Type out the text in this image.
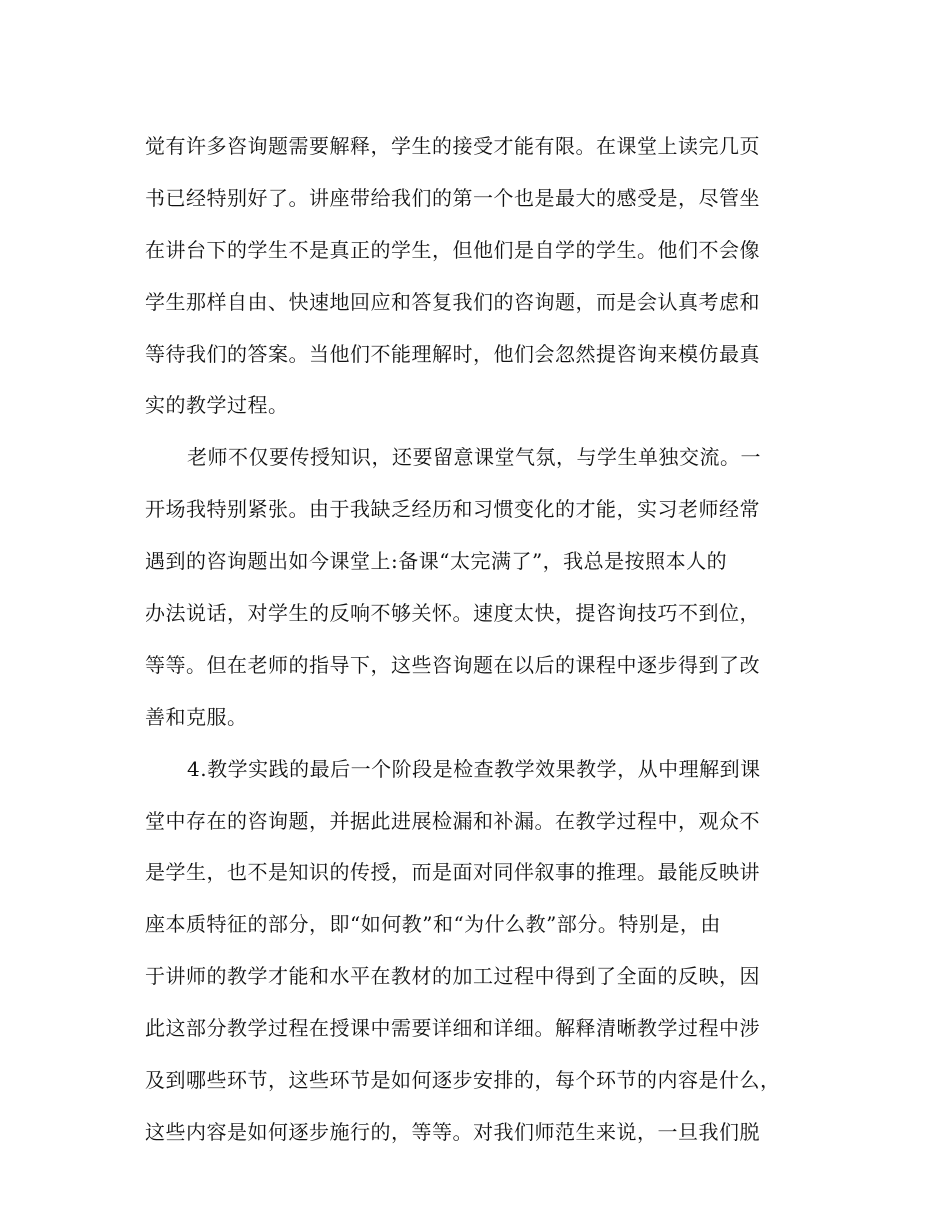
觉有许多咨询题需要解释，学生的接受才能有限。在课堂上读完几页
书已经特别好了。讲座带给我们的第一个也是最大的感受是，尽管坐
在讲台下的学生不是真正的学生，但他们是自学的学生。他们不会像
学生那样自由、快速地回应和答复我们的咨询题，而是会认真考虑和
等待我们的答案。当他们不能理解时，他们会忽然提咨询来模仿最真
实的教学过程。
老师不仅要传授知识，还要留意课堂气氛，与学生单独交流。一
开场我特别紧张。由于我缺乏经历和习惯变化的才能，实习老师经常
遇到的咨询题出如今课堂上:备课“太完满了”，我总是按照本人的
办法说话，对学生的反响不够关怀。速度太快，提咨询技巧不到位，
等等。但在老师的指导下，这些咨询题在以后的课程中逐步得到了改
善和克服。
4.教学实践的最后一个阶段是检查教学效果教学，从中理解到课
堂中存在的咨询题，并据此进展检漏和补漏。在教学过程中，观众不
是学生，也不是知识的传授，而是面对同伴叙事的推理。最能反映讲
座本质特征的部分，即“如何教”和“为什么教”部分。特别是，由
于讲师的教学才能和水平在教材的加工过程中得到了全面的反映，因
此这部分教学过程在授课中需要详细和详细。解释清晰教学过程中涉
及到哪些环节，这些环节是如何逐步安排的，每个环节的内容是什么，
这些内容是如何逐步施行的，等等。对我们师范生来说，一旦我们脱
